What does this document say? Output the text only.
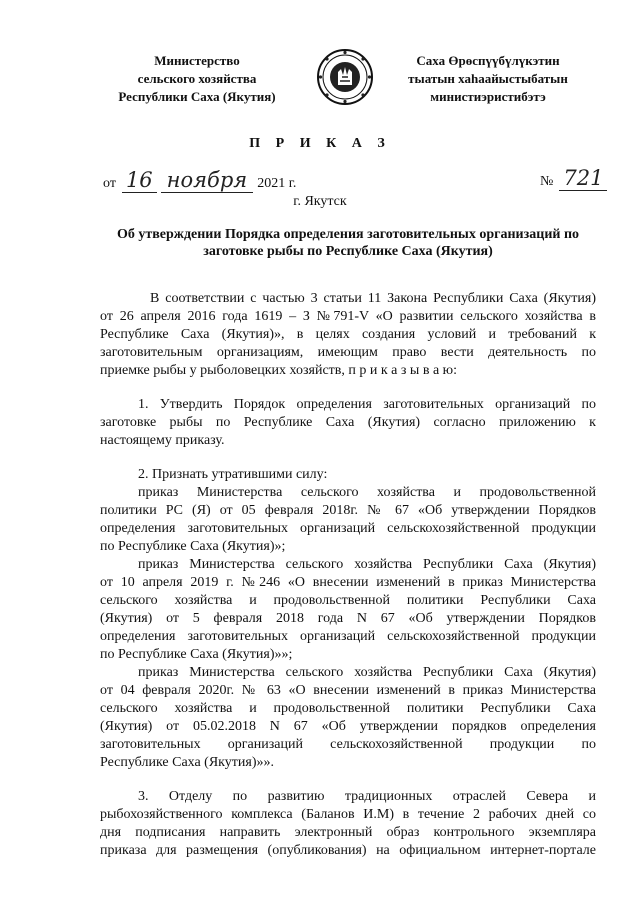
Министерство
сельского хозяйства
Республики Саха (Якутия)
Саха Өрөспүүбүлүкэтин
тыатын хаһаайыстыбатын
министиэристибэтэ
П Р И К А З
от 16 ноября 2021 г.	№ 721
г. Якутск
Об утверждении Порядка определения заготовительных организаций по
заготовке рыбы по Республике Саха (Якутия)
В соответствии с частью 3 статьи 11 Закона Республики Саха (Якутия)
от 26 апреля 2016 года 1619 – З №791-V «О развитии сельского хозяйства в
Республике Саха (Якутия)», в целях создания условий и требований к
заготовительным организациям, имеющим право вести деятельность по
приемке рыбы у рыболовецких хозяйств, п р и к а з ы в а ю:
1. Утвердить Порядок определения заготовительных организаций по
заготовке рыбы по Республике Саха (Якутия) согласно приложению к
настоящему приказу.
2. Признать утратившими силу:
приказ Министерства сельского хозяйства и продовольственной
политики РС (Я) от 05 февраля 2018г. № 67 «Об утверждении Порядков
определения заготовительных организаций сельскохозяйственной продукции
по Республике Саха (Якутия)»;
приказ Министерства сельского хозяйства Республики Саха (Якутия)
от 10 апреля 2019 г. №246 «О внесении изменений в приказ Министерства
сельского хозяйства и продовольственной политики Республики Саха
(Якутия) от 5 февраля 2018 года N 67 «Об утверждении Порядков
определения заготовительных организаций сельскохозяйственной продукции
по Республике Саха (Якутия)»»;
приказ Министерства сельского хозяйства Республики Саха (Якутия)
от 04 февраля 2020г. № 63 «О внесении изменений в приказ Министерства
сельского хозяйства и продовольственной политики Республики Саха
(Якутия) от 05.02.2018 N 67 «Об утверждении порядков определения
заготовительных организаций сельскохозяйственной продукции по
Республике Саха (Якутия)»».
3. Отделу по развитию традиционных отраслей Севера и
рыбохозяйственного комплекса (Баланов И.М) в течение 2 рабочих дней со
дня подписания направить электронный образ контрольного экземпляра
приказа для размещения (опубликования) на официальном интернет-портале
